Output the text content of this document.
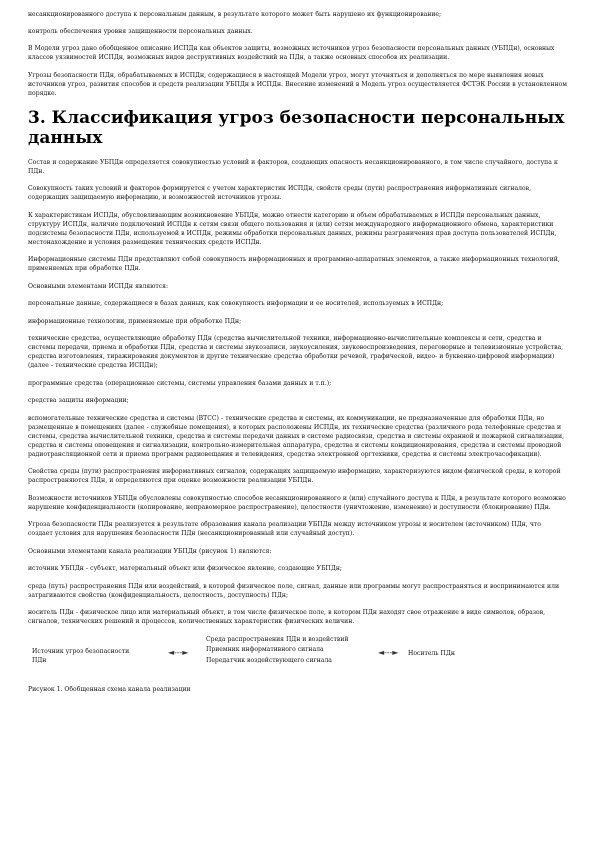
несанкционированного доступа к персональным данным, в результате которого может быть нарушено их функционирование;

контроль обеспечения уровня защищенности персональных данных.

В Модели угроз дано обобщенное описание ИСПДн как объектов защиты, возможных источников угроз безопасности персональных данных (УБПДн), основных классов уязвимостей ИСПДн, возможных видов деструктивных воздействий на ПДн, а также основных способов их реализации.

Угрозы безопасности ПДн, обрабатываемых в ИСПДн, содержащиеся в настоящей Модели угроз, могут уточняться и дополняться по мере выявления новых источников угроз, развития способов и средств реализации УБПДн в ИСПДн. Внесение изменений в Модель угроз осуществляется ФСТЭК России в установленном порядке.

3. Классификация угроз безопасности персональных данных

Состав и содержание УБПДн определяется совокупностью условий и факторов, создающих опасность несанкционированного, в том числе случайного, доступа к ПДн.

Совокупность таких условий и факторов формируется с учетом характеристик ИСПДн, свойств среды (пути) распространения информативных сигналов, содержащих защищаемую информацию, и возможностей источников угрозы.

К характеристикам ИСПДн, обусловливающим возникновение УБПДн, можно отнести категорию и объем обрабатываемых в ИСПДн персональных данных, структуру ИСПДн, наличие подключений ИСПДн к сетям связи общего пользования и (или) сетям международного информационного обмена, характеристики подсистемы безопасности ПДн, используемой в ИСПДн, режимы обработки персональных данных, режимы разграничения прав доступа пользователей ИСПДн, местонахождение и условия размещения технических средств ИСПДн.

Информационные системы ПДн представляют собой совокупность информационных и программно-аппаратных элементов, а также информационных технологий, применяемых при обработке ПДн.

Основными элементами ИСПДн являются:

персональные данные, содержащиеся в базах данных, как совокупность информации и ее носителей, используемых в ИСПДн;

информационные технологии, применяемые при обработке ПДн;

технические средства, осуществляющие обработку ПДн (средства вычислительной техники, информационно-вычислительные комплексы и сети, средства и системы передачи, приема и обработки ПДн, средства и системы звукозаписи, звукоусиления, звуковоспроизведения, переговорные и телевизионные устройства, средства изготовления, тиражирования документов и другие технические средства обработки речевой, графической, видео- и буквенно-цифровой информации) (далее - технические средства ИСПДн);

программные средства (операционные системы, системы управления базами данных и т.п.);

средства защиты информации;

вспомогательные технические средства и системы (ВТСС) - технические средства и системы, их коммуникации, не предназначенные для обработки ПДн, но размещенные в помещениях (далее - служебные помещения), в которых расположены ИСПДн, их технические средства (различного рода телефонные средства и системы, средства вычислительной техники, средства и системы передачи данных в системе радиосвязи, средства и системы охранной и пожарной сигнализации, средства и системы оповещения и сигнализации, контрольно-измерительная аппаратура, средства и системы кондиционирования, средства и системы проводной радиотрансляционной сети и приема программ радиовещания и телевидения, средства электронной оргтехники, средства и системы электрочасофикации).

Свойства среды (пути) распространения информативных сигналов, содержащих защищаемую информацию, характеризуются видом физической среды, в которой распространяются ПДн, и определяются при оценке возможности реализации УБПДн.

Возможности источников УБПДн обусловлены совокупностью способов несанкционированного и (или) случайного доступа к ПДн, в результате которого возможно нарушение конфиденциальности (копирование, неправомерное распространение), целостности (уничтожение, изменение) и доступности (блокирование) ПДн.

Угроза безопасности ПДн реализуется в результате образования канала реализации УБПДн между источником угрозы и носителем (источником) ПДн, что создает условия для нарушения безопасности ПДн (несанкционированный или случайный доступ).

Основными элементами канала реализации УБПДн (рисунок 1) являются:

источник УБПДн - субъект, материальный объект или физическое явление, создающие УБПДн;

среда (путь) распространения ПДн или воздействий, в которой физическое поле, сигнал, данные или программы могут распространяться и воспринимаются или затрагиваются свойства (конфиденциальность, целостность, доступность) ПДн;

носитель ПДн - физическое лицо или материальный объект, в том числе физическое поле, в котором ПДн находят свое отражение в виде символов, образов, сигналов, технических решений и процессов, количественных характеристик физических величин.

Источник угроз безопасности ПДн
◄---►
Среда распространения ПДн и воздействий
Приемник информативного сигнала
Передатчик воздействующего сигнала
◄---► Носитель ПДн
Рисунок 1. Обобщенная схема канала реализации
